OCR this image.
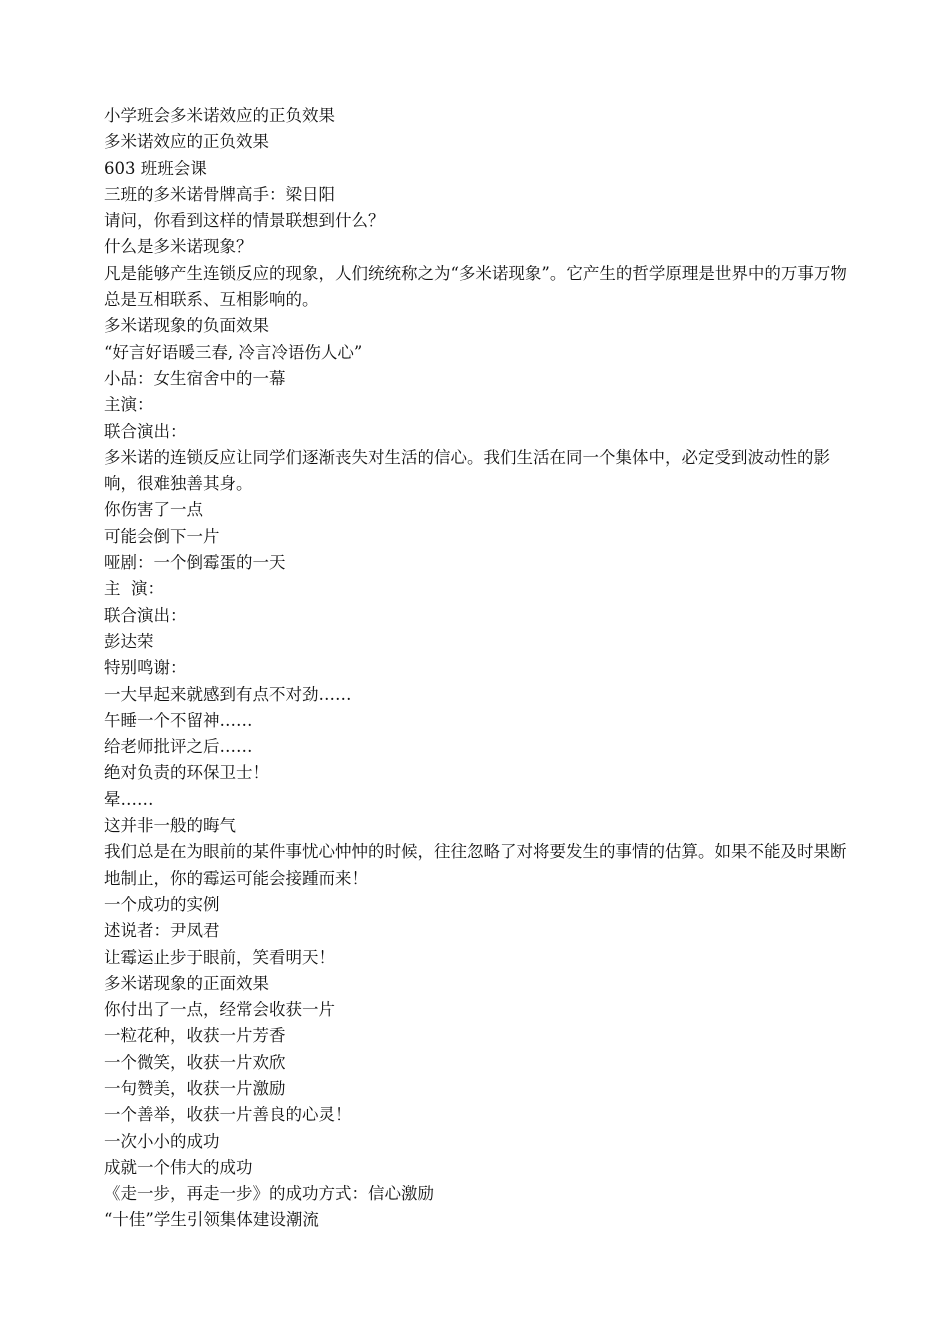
小学班会多米诺效应的正负效果
多米诺效应的正负效果
603 班班会课
三班的多米诺骨牌高手：梁日阳
请问，你看到这样的情景联想到什么？
什么是多米诺现象？
凡是能够产生连锁反应的现象，人们统统称之为“多米诺现象”。它产生的哲学原理是世界中的万事万物总是互相联系、互相影响的。
多米诺现象的负面效果
“好言好语暖三春, 冷言冷语伤人心”
小品：女生宿舍中的一幕
主演：
联合演出：
多米诺的连锁反应让同学们逐渐丧失对生活的信心。我们生活在同一个集体中，必定受到波动性的影响，很难独善其身。
你伤害了一点
可能会倒下一片
哑剧：一个倒霉蛋的一天
主  演：
联合演出：
彭达荣
特别鸣谢：
一大早起来就感到有点不对劲……
午睡一个不留神……
给老师批评之后……
绝对负责的环保卫士！
晕……
这并非一般的晦气
我们总是在为眼前的某件事忧心忡忡的时候，往往忽略了对将要发生的事情的估算。如果不能及时果断地制止，你的霉运可能会接踵而来！
一个成功的实例
述说者：尹凤君
让霉运止步于眼前，笑看明天！
多米诺现象的正面效果
你付出了一点，经常会收获一片
一粒花种，收获一片芳香
一个微笑，收获一片欢欣
一句赞美，收获一片激励
一个善举，收获一片善良的心灵！
一次小小的成功
成就一个伟大的成功
《走一步，再走一步》的成功方式：信心激励
“十佳”学生引领集体建设潮流
